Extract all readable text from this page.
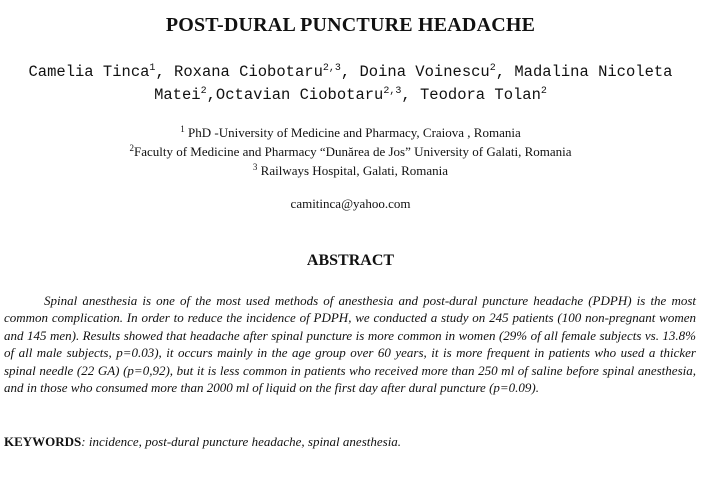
POST-DURAL PUNCTURE HEADACHE

Camelia Tinca$^1$, Roxana Ciobotaru$^{2,3}$, Doina Voinescu$^2$, Madalina Nicoleta Matei$^2$,Octavian Ciobotaru$^{2,3}$, Teodora Tolan$^2$

$^1$ PhD -University of Medicine and Pharmacy, Craiova , Romania
$^2$Faculty of Medicine and Pharmacy “Dunărea de Jos” University of Galati, Romania
$^3$ Railways Hospital, Galati, Romania

camitinca@yahoo.com

ABSTRACT

Spinal anesthesia is one of the most used methods of anesthesia and post-dural puncture headache (PDPH) is the most common complication. In order to reduce the incidence of PDPH, we conducted a study on 245 patients (100 non-pregnant women and 145 men). Results showed that headache after spinal puncture is more common in women (29% of all female subjects vs. 13.8% of all male subjects, p=0.03), it occurs mainly in the age group over 60 years, it is more frequent in patients who used a thicker spinal needle (22 GA) (p=0,92), but it is less common in patients who received more than 250 ml of saline before spinal anesthesia, and in those who consumed more than 2000 ml of liquid on the first day after dural puncture (p=0.09).

KEYWORDS: incidence, post-dural puncture headache, spinal anesthesia.
